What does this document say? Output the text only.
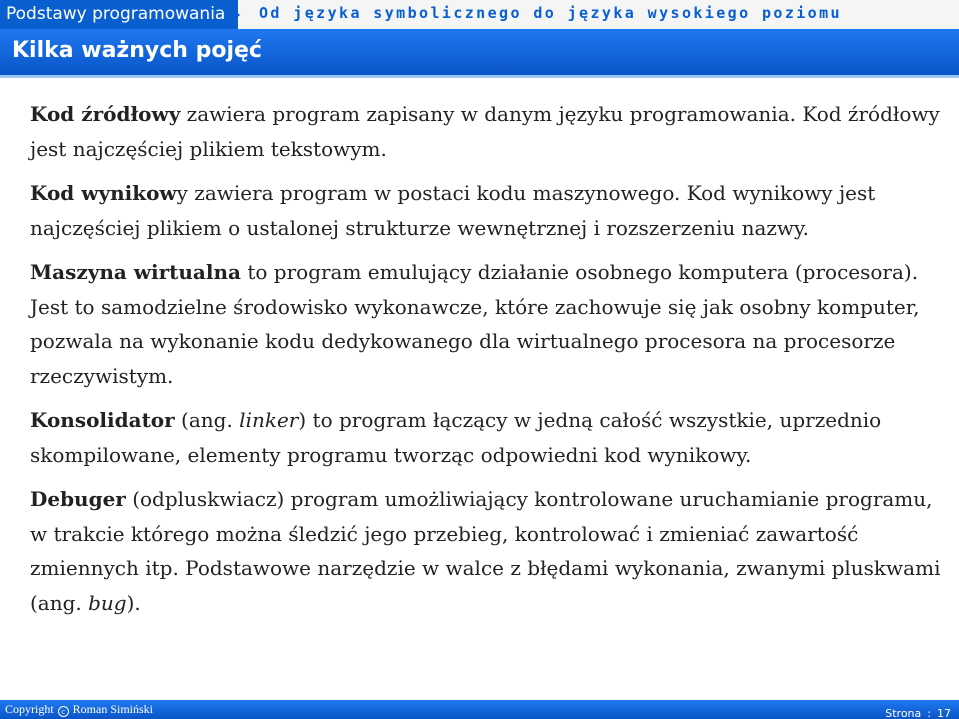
Podstawy programowania Od języka symbolicznego do języka wysokiego poziomu
Kilka ważnych pojęć

Kod źródłowy zawiera program zapisany w danym języku programowania. Kod źródłowy jest najczęściej plikiem tekstowym.

Kod wynikowy zawiera program w postaci kodu maszynowego. Kod wynikowy jest najczęściej plikiem o ustalonej strukturze wewnętrznej i rozszerzeniu nazwy.

Maszyna wirtualna to program emulujący działanie osobnego komputera (procesora). Jest to samodzielne środowisko wykonawcze, które zachowuje się jak osobny komputer, pozwala na wykonanie kodu dedykowanego dla wirtualnego procesora na procesorze rzeczywistym.

Konsolidator (ang. linker) to program łączący w jedną całość wszystkie, uprzednio skompilowane, elementy programu tworząc odpowiedni kod wynikowy.

Debuger (odpluskwiacz) program umożliwiający kontrolowane uruchamianie programu, w trakcie którego można śledzić jego przebieg, kontrolować i zmieniać zawartość zmiennych itp. Podstawowe narzędzie w walce z błędami wykonania, zwanymi pluskwami (ang. bug).

Copyright c Roman Simiński	Strona : 17
